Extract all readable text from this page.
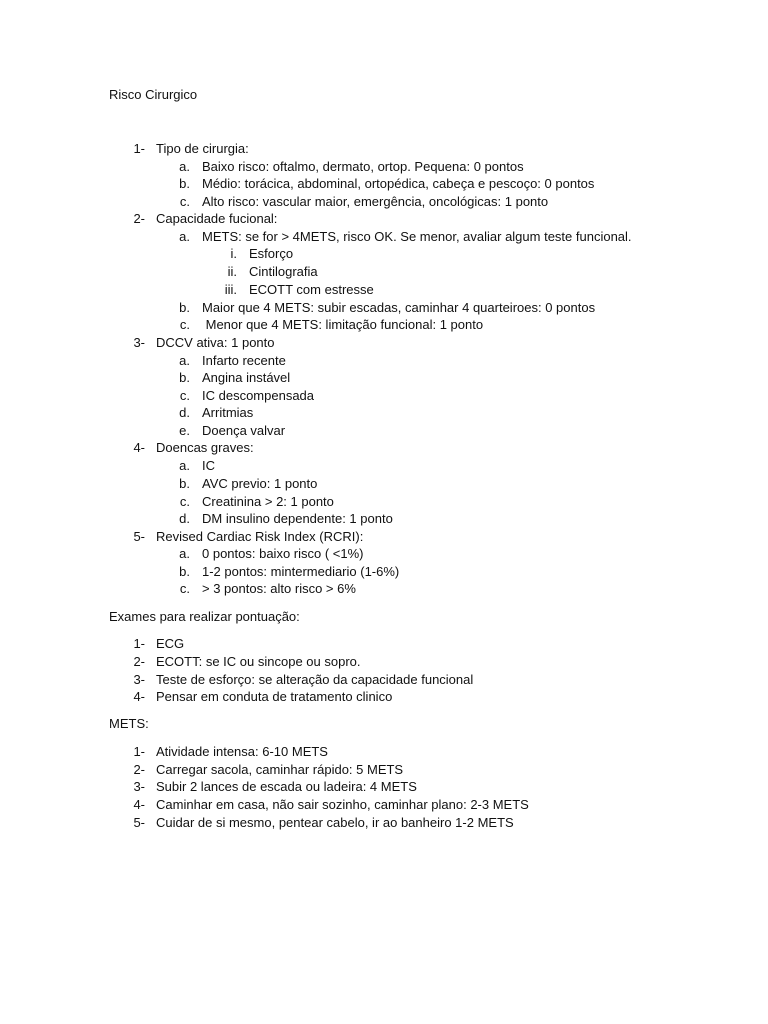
Risco Cirurgico
1- Tipo de cirurgia:
a. Baixo risco: oftalmo, dermato, ortop. Pequena: 0 pontos
b. Médio: torácica, abdominal, ortopédica, cabeça e pescoço: 0 pontos
c. Alto risco: vascular maior, emergência, oncológicas: 1 ponto
2- Capacidade fucional:
a. METS: se for > 4METS, risco OK. Se menor, avaliar algum teste funcional.
i. Esforço
ii. Cintilografia
iii. ECOTT com estresse
b. Maior que 4 METS: subir escadas, caminhar 4 quarteiroes: 0 pontos
c. Menor que 4 METS: limitação funcional: 1 ponto
3- DCCV ativa: 1 ponto
a. Infarto recente
b. Angina instável
c. IC descompensada
d. Arritmias
e. Doença valvar
4- Doencas graves:
a. IC
b. AVC previo: 1 ponto
c. Creatinina > 2: 1 ponto
d. DM insulino dependente: 1 ponto
5- Revised Cardiac Risk Index (RCRI):
a. 0 pontos: baixo risco ( <1%)
b. 1-2 pontos: mintermediario (1-6%)
c. > 3 pontos: alto risco > 6%
Exames para realizar pontuação:
1- ECG
2- ECOTT: se IC ou sincope ou sopro.
3- Teste de esforço: se alteração da capacidade funcional
4- Pensar em conduta de tratamento clinico
METS:
1- Atividade intensa: 6-10 METS
2- Carregar sacola, caminhar rápido: 5 METS
3- Subir 2 lances de escada ou ladeira: 4 METS
4- Caminhar em casa, não sair sozinho, caminhar plano: 2-3 METS
5- Cuidar de si mesmo, pentear cabelo, ir ao banheiro 1-2 METS
